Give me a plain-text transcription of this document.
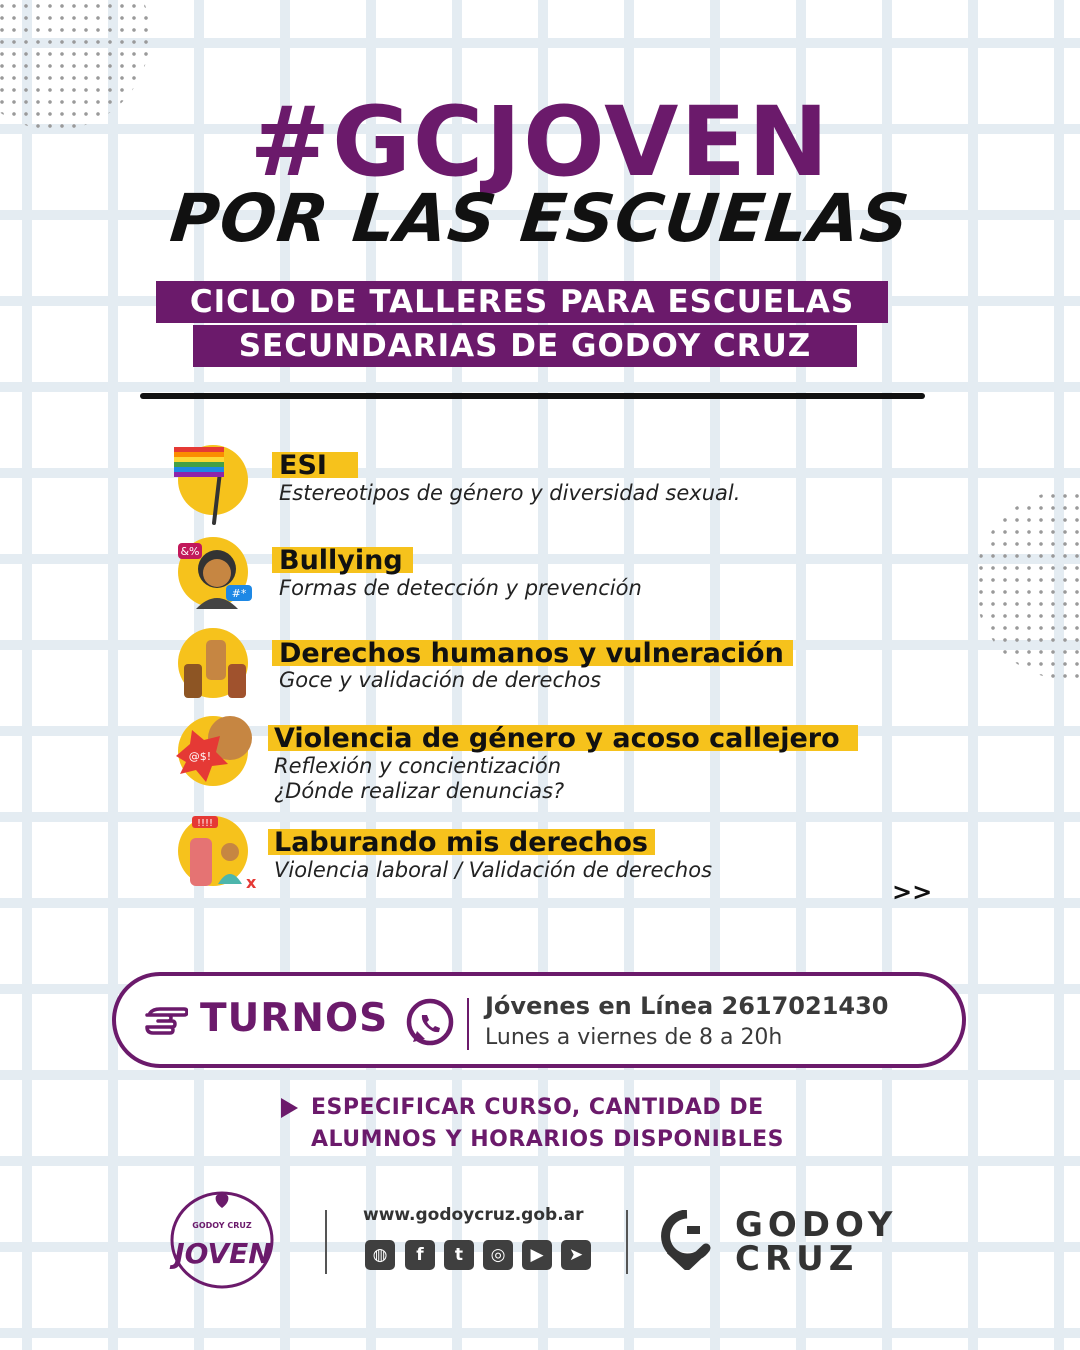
#GCJOVEN
POR LAS ESCUELAS
CICLO DE TALLERES PARA ESCUELAS
SECUNDARIAS DE GODOY CRUZ
ESI
Estereotipos de género y diversidad sexual.
&%
#*
Bullying
Formas de detección y prevención
Derechos humanos y vulneración
Goce y validación de derechos
@$!
Violencia de género y acoso callejero
Reflexión y concientización
¿Dónde realizar denuncias?
!!!!
x
Laburando mis derechos
Violencia laboral / Validación de derechos
>>
TURNOS	Jóvenes en Línea 2617021430
Lunes a viernes de 8 a 20h
ESPECIFICAR CURSO, CANTIDAD DE
ALUMNOS Y HORARIOS DISPONIBLES
GODOY CRUZ
JOVEN
www.godoycruz.gob.ar
◍	f	t	◎	▶	➤
GODOY
CRUZ
